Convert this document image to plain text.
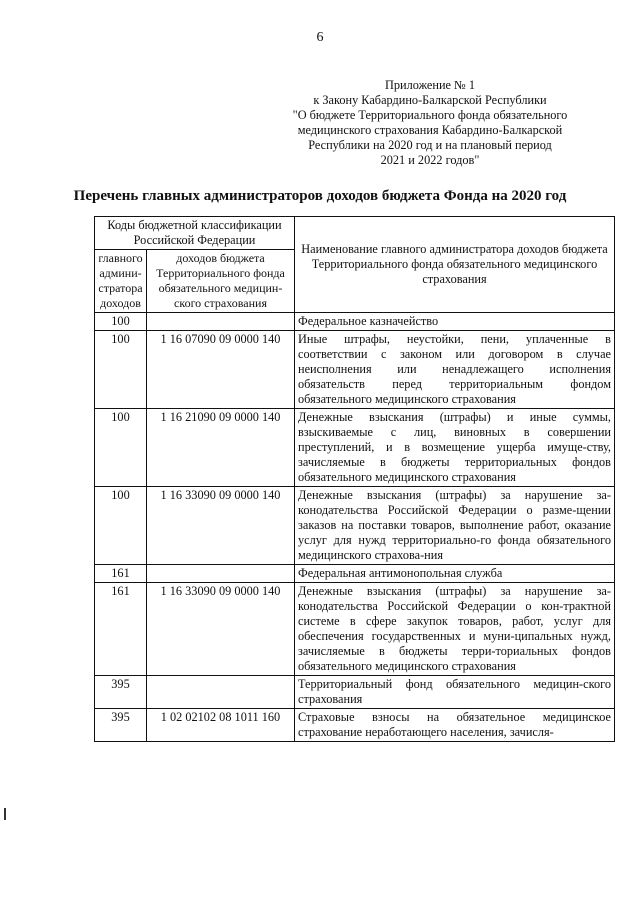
6
Приложение № 1
к Закону Кабардино-Балкарской Республики
"О бюджете Территориального фонда обязательного
медицинского страхования Кабардино-Балкарской
Республики на 2020 год и на плановый период
2021 и 2022 годов"
Перечень главных администраторов доходов бюджета Фонда на 2020 год
Коды бюджетной классификации Российской Федерации		Наименование главного администратора доходов бюджета Территориального фонда обязательного медицинского страхования
главного админи-стратора доходов	доходов бюджета Территориального фонда обязательного медицин-ского страхования	
100		Федеральное казначейство
100	1 16 07090 09 0000 140	Иные штрафы, неустойки, пени, уплаченные в соответствии с законом или договором в случае неисполнения или ненадлежащего исполнения обязательств перед территориальным фондом обязательного медицинского страхования
100	1 16 21090 09 0000 140	Денежные взыскания (штрафы) и иные суммы, взыскиваемые с лиц, виновных в совершении преступлений, и в возмещение ущерба имуще-ству, зачисляемые в бюджеты территориальных фондов обязательного медицинского страхования
100	1 16 33090 09 0000 140	Денежные взыскания (штрафы) за нарушение за-конодательства Российской Федерации о разме-щении заказов на поставки товаров, выполнение работ, оказание услуг для нужд территориально-го фонда обязательного медицинского страхова-ния
161		Федеральная антимонопольная служба
161	1 16 33090 09 0000 140	Денежные взыскания (штрафы) за нарушение за-конодательства Российской Федерации о кон-трактной системе в сфере закупок товаров, работ, услуг для обеспечения государственных и муни-ципальных нужд, зачисляемые в бюджеты терри-ториальных фондов обязательного медицинского страхования
395		Территориальный фонд обязательного медицин-ского страхования
395	1 02 02102 08 1011 160	Страховые взносы на обязательное медицинское страхование неработающего населения, зачисля-
